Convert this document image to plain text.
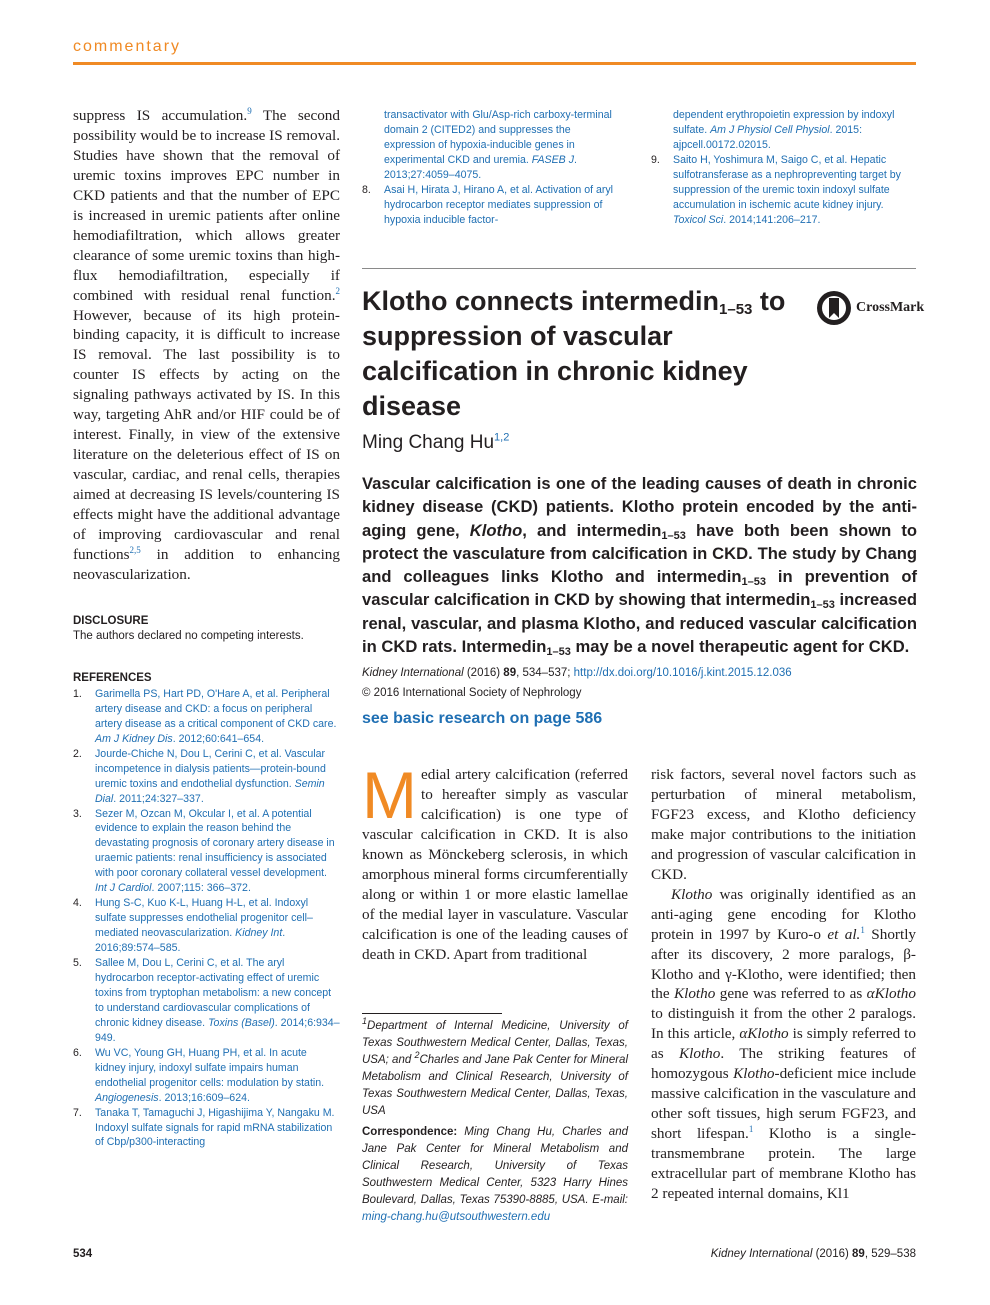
commentary

suppress IS accumulation.$^9$ The second possibility would be to increase IS removal. Studies have shown that the removal of uremic toxins improves EPC number in CKD patients and that the number of EPC is increased in uremic patients after online hemodiafiltration, which allows greater clearance of some uremic toxins than high-flux hemodiafiltration, especially if combined with residual renal function.$^2$ However, because of its high protein-binding capacity, it is difficult to increase IS removal. The last possibility is to counter IS effects by acting on the signaling pathways activated by IS. In this way, targeting AhR and/or HIF could be of interest. Finally, in view of the extensive literature on the deleterious effect of IS on vascular, cardiac, and renal cells, therapies aimed at decreasing IS levels/countering IS effects might have the additional advantage of improving cardiovascular and renal functions$^{2,5}$ in addition to enhancing neovascularization.

DISCLOSURE
The authors declared no competing interests.
REFERENCES
1.	Garimella PS, Hart PD, O'Hare A, et al. Peripheral artery disease and CKD: a focus on peripheral artery disease as a critical component of CKD care. Am J Kidney Dis. 2012;60:641–654.
2.	Jourde-Chiche N, Dou L, Cerini C, et al. Vascular incompetence in dialysis patients—protein-bound uremic toxins and endothelial dysfunction. Semin Dial. 2011;24:327–337.
3.	Sezer M, Ozcan M, Okcular I, et al. A potential evidence to explain the reason behind the devastating prognosis of coronary artery disease in uraemic patients: renal insufficiency is associated with poor coronary collateral vessel development. Int J Cardiol. 2007;115: 366–372.
4.	Hung S-C, Kuo K-L, Huang H-L, et al. Indoxyl sulfate suppresses endothelial progenitor cell–mediated neovascularization. Kidney Int. 2016;89:574–585.
5.	Sallee M, Dou L, Cerini C, et al. The aryl hydrocarbon receptor-activating effect of uremic toxins from tryptophan metabolism: a new concept to understand cardiovascular complications of chronic kidney disease. Toxins (Basel). 2014;6:934–949.
6.	Wu VC, Young GH, Huang PH, et al. In acute kidney injury, indoxyl sulfate impairs human endothelial progenitor cells: modulation by statin. Angiogenesis. 2013;16:609–624.
7.	Tanaka T, Tamaguchi J, Higashijima Y, Nangaku M. Indoxyl sulfate signals for rapid mRNA stabilization of Cbp/p300-interacting
transactivator with Glu/Asp-rich carboxy-terminal domain 2 (CITED2) and suppresses the expression of hypoxia-inducible genes in experimental CKD and uremia. FASEB J. 2013;27:4059–4075.
8.	Asai H, Hirata J, Hirano A, et al. Activation of aryl hydrocarbon receptor mediates suppression of hypoxia inducible factor-
dependent erythropoietin expression by indoxyl sulfate. Am J Physiol Cell Physiol. 2015: ajpcell.00172.02015.
9.	Saito H, Yoshimura M, Saigo C, et al. Hepatic sulfotransferase as a nephropreventing target by suppression of the uremic toxin indoxyl sulfate accumulation in ischemic acute kidney injury. Toxicol Sci. 2014;141:206–217.
Klotho connects intermedin$_{1-53}$ to suppression of vascular calcification in chronic kidney disease
CrossMark
Ming Chang Hu$^{1,2}$

Vascular calcification is one of the leading causes of death in chronic kidney disease (CKD) patients. Klotho protein encoded by the anti-aging gene, Klotho, and intermedin$_{1-53}$ have both been shown to protect the vasculature from calcification in CKD. The study by Chang and colleagues links Klotho and intermedin$_{1-53}$ in prevention of vascular calcification in CKD by showing that intermedin$_{1-53}$ increased renal, vascular, and plasma Klotho, and reduced vascular calcification in CKD rats. Intermedin$_{1-53}$ may be a novel therapeutic agent for CKD.

Kidney International (2016) 89, 534–537; http://dx.doi.org/10.1016/j.kint.2015.12.036
© 2016 International Society of Nephrology
see basic research on page 586

Medial artery calcification (referred to hereafter simply as vascular calcification) is one type of vascular calcification in CKD. It is also known as Mönckeberg sclerosis, in which amorphous mineral forms circumferentially along or within 1 or more elastic lamellae of the medial layer in vasculature. Vascular calcification is one of the leading causes of death in CKD. Apart from traditional

risk factors, several novel factors such as perturbation of mineral metabolism, FGF23 excess, and Klotho deficiency make major contributions to the initiation and progression of vascular calcification in CKD.

Klotho was originally identified as an anti-aging gene encoding for Klotho protein in 1997 by Kuro-o et al.$^1$ Shortly after its discovery, 2 more paralogs, β-Klotho and γ-Klotho, were identified; then the Klotho gene was referred to as αKlotho to distinguish it from the other 2 paralogs. In this article, αKlotho is simply referred to as Klotho. The striking features of homozygous Klotho-deficient mice include massive calcification in the vasculature and other soft tissues, high serum FGF23, and short lifespan.$^1$ Klotho is a single-transmembrane protein. The large extracellular part of membrane Klotho has 2 repeated internal domains, Kl1

$^1$Department of Internal Medicine, University of Texas Southwestern Medical Center, Dallas, Texas, USA; and $^2$Charles and Jane Pak Center for Mineral Metabolism and Clinical Research, University of Texas Southwestern Medical Center, Dallas, Texas, USA
Correspondence: Ming Chang Hu, Charles and Jane Pak Center for Mineral Metabolism and Clinical Research, University of Texas Southwestern Medical Center, 5323 Harry Hines Boulevard, Dallas, Texas 75390-8885, USA. E-mail: ming-chang.hu@utsouthwestern.edu
534	Kidney International (2016) 89, 529–538
